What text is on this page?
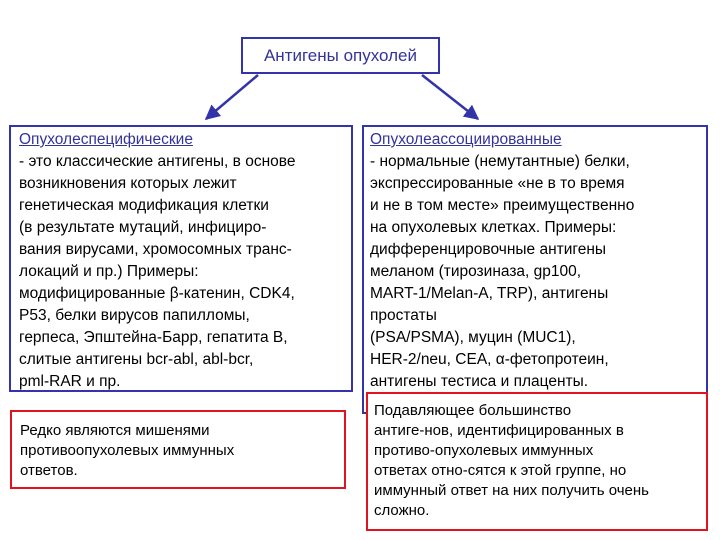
Антигены опухолей
Опухолеспецифические
- это классические антигены, в основе
возникновения которых лежит
генетическая модификация клетки
(в результате мутаций, инфициро-
вания вирусами, хромосомных транс-
локаций и пр.) Примеры:
модифицированные β-катенин, CDK4,
P53, белки вирусов папилломы,
герпеса, Эпштейна-Барр, гепатита В,
слитые антигены bcr-abl, abl-bcr,
pml-RAR и пр.
Опухолеассоциированные
- нормальные (немутантные) белки,
экспрессированные «не в то время
и не в том месте» преимущественно
на опухолевых клетках. Примеры:
дифференцировочные антигены
меланом (тирозиназа, gp100,
MART-1/Melan-A, TRP), антигены
простаты
(PSA/PSMA), муцин (MUC1),
HER-2/neu, CEA, α-фетопротеин,
антигены тестиса и плаценты.
Редко являются мишенями
противоопухолевых иммунных
ответов.
Подавляющее большинство
антиге-нов, идентифицированных в
противо-опухолевых иммунных
ответах отно-сятся к этой группе, но
иммунный ответ на них получить очень
сложно.
